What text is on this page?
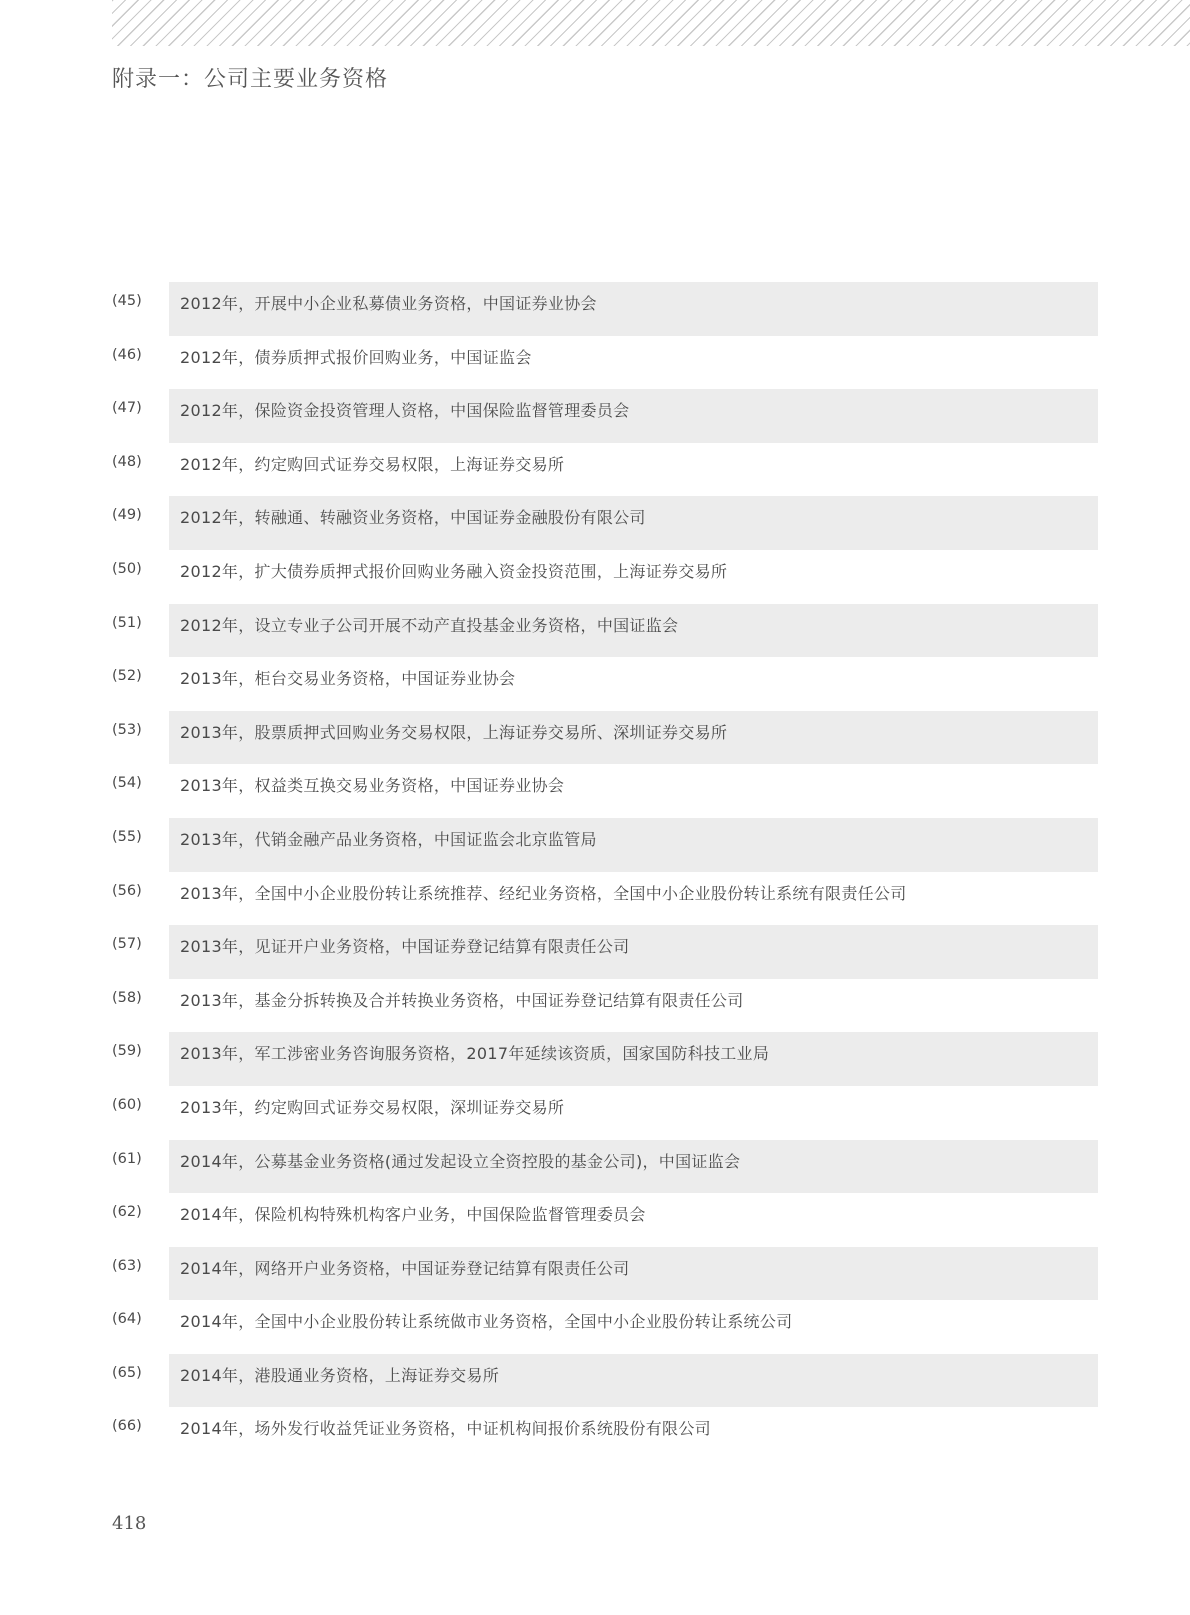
附录一：公司主要业务资格
(45) 2012年，开展中小企业私募债业务资格，中国证券业协会
(46) 2012年，债券质押式报价回购业务，中国证监会
(47) 2012年，保险资金投资管理人资格，中国保险监督管理委员会
(48) 2012年，约定购回式证券交易权限，上海证券交易所
(49) 2012年，转融通、转融资业务资格，中国证券金融股份有限公司
(50) 2012年，扩大债券质押式报价回购业务融入资金投资范围，上海证券交易所
(51) 2012年，设立专业子公司开展不动产直投基金业务资格，中国证监会
(52) 2013年，柜台交易业务资格，中国证券业协会
(53) 2013年，股票质押式回购业务交易权限，上海证券交易所、深圳证券交易所
(54) 2013年，权益类互换交易业务资格，中国证券业协会
(55) 2013年，代销金融产品业务资格，中国证监会北京监管局
(56) 2013年，全国中小企业股份转让系统推荐、经纪业务资格，全国中小企业股份转让系统有限责任公司
(57) 2013年，见证开户业务资格，中国证券登记结算有限责任公司
(58) 2013年，基金分拆转换及合并转换业务资格，中国证券登记结算有限责任公司
(59) 2013年，军工涉密业务咨询服务资格，2017年延续该资质，国家国防科技工业局
(60) 2013年，约定购回式证券交易权限，深圳证券交易所
(61) 2014年，公募基金业务资格(通过发起设立全资控股的基金公司)，中国证监会
(62) 2014年，保险机构特殊机构客户业务，中国保险监督管理委员会
(63) 2014年，网络开户业务资格，中国证券登记结算有限责任公司
(64) 2014年，全国中小企业股份转让系统做市业务资格，全国中小企业股份转让系统公司
(65) 2014年，港股通业务资格，上海证券交易所
(66) 2014年，场外发行收益凭证业务资格，中证机构间报价系统股份有限公司
418
